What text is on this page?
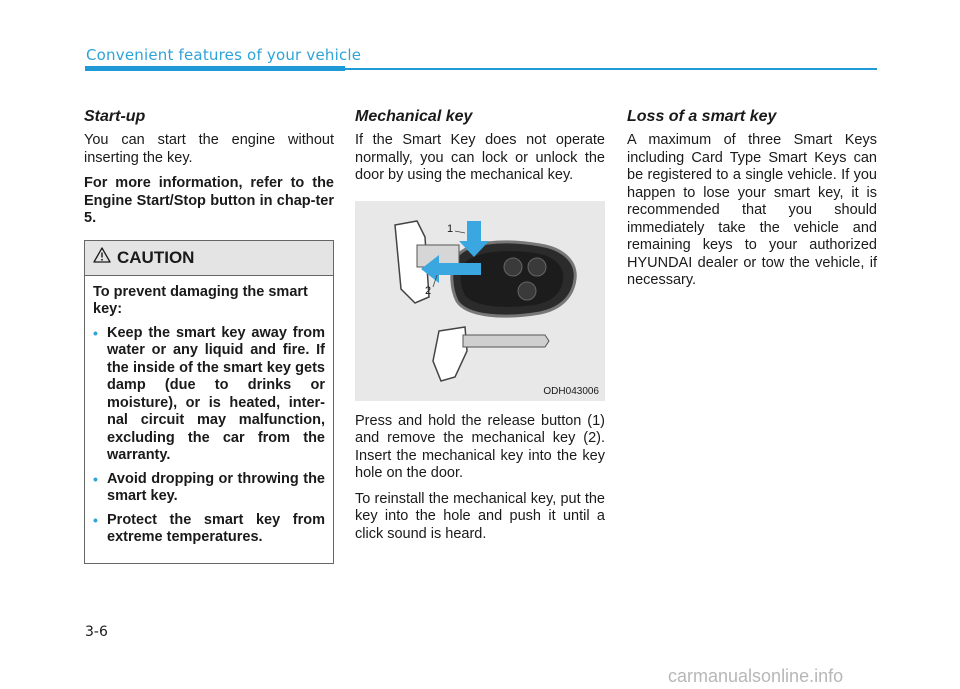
Convenient features of your vehicle
Start-up

You can start the engine without inserting the key.

For more information, refer to the Engine Start/Stop button in chap-ter 5.

CAUTION
To prevent damaging the smart key:
• Keep the smart key away from water or any liquid and fire. If the inside of the smart key gets damp (due to drinks or moisture), or is heated, inter-nal circuit may malfunction, excluding the car from the warranty.
• Avoid dropping or throwing the smart key.
• Protect the smart key from extreme temperatures.
Mechanical key

If the Smart Key does not operate normally, you can lock or unlock the door by using the mechanical key.

1
2
ODH043006

Press and hold the release button (1) and remove the mechanical key (2). Insert the mechanical key into the key hole on the door.

To reinstall the mechanical key, put the key into the hole and push it until a click sound is heard.

Loss of a smart key

A maximum of three Smart Keys including Card Type Smart Keys can be registered to a single vehicle. If you happen to lose your smart key, it is recommended that you should immediately take the vehicle and remaining keys to your authorized HYUNDAI dealer or tow the vehicle, if necessary.

3-6
carmanualsonline.info
